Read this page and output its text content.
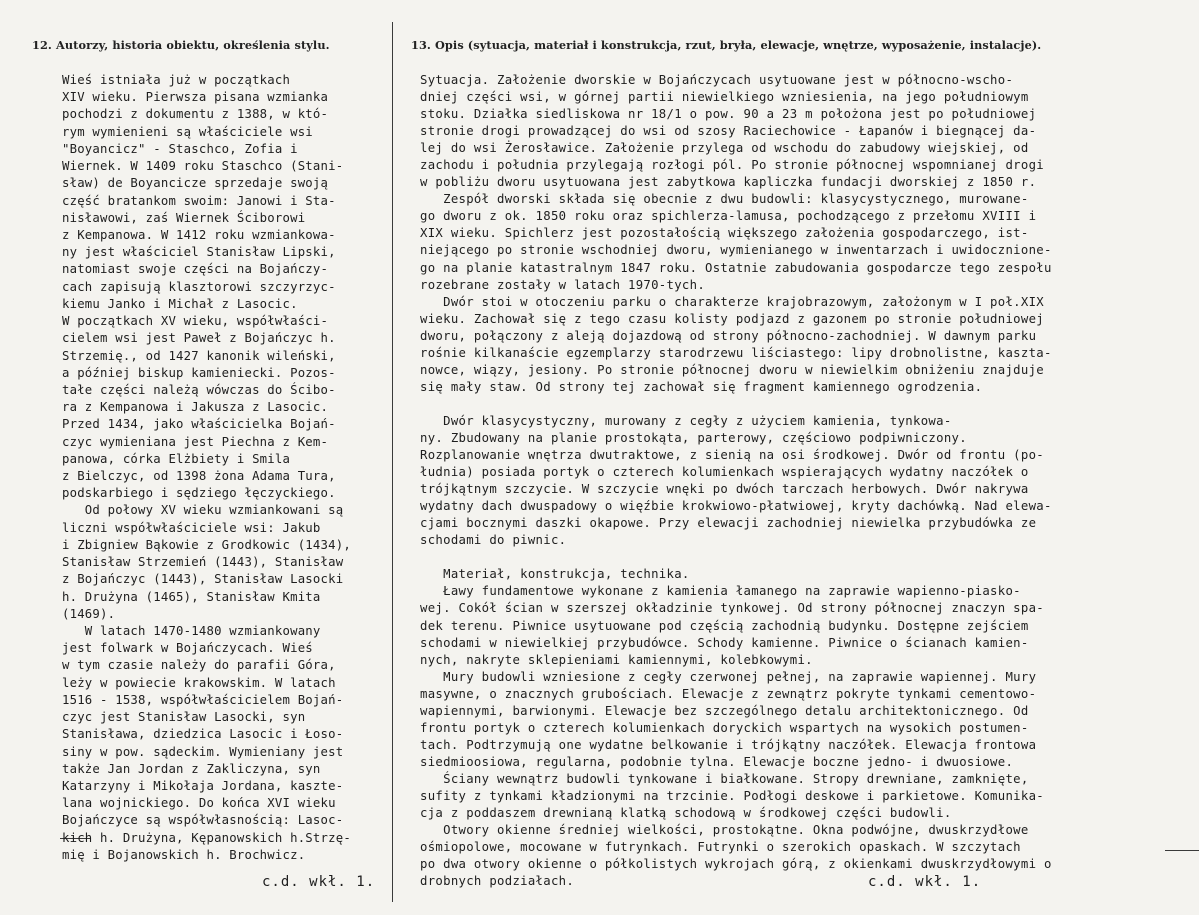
12. Autorzy, historia obiektu, określenia stylu.	13. Opis (sytuacja, materiał i konstrukcja, rzut, bryła, elewacje, wnętrze, wyposażenie, instalacje).
Wieś istniała już w początkach
XIV wieku. Pierwsza pisana wzmianka
pochodzi z dokumentu z 1388, w któ-
rym wymienieni są właściciele wsi
"Boyancicz" - Staschco, Zofia i
Wiernek. W 1409 roku Staschco (Stani-
sław) de Boyancicze sprzedaje swoją
część bratankom swoim: Janowi i Sta-
nisławowi, zaś Wiernek Ściborowi
z Kempanowa. W 1412 roku wzmiankowa-
ny jest właściciel Stanisław Lipski,
natomiast swoje części na Bojańczy-
cach zapisują klasztorowi szczyrzyc-
kiemu Janko i Michał z Lasocic.
W początkach XV wieku, współwłaści-
cielem wsi jest Paweł z Bojańczyc h.
Strzemię., od 1427 kanonik wileński,
a później biskup kamieniecki. Pozos-
tałe części należą wówczas do Ścibo-
ra z Kempanowa i Jakusza z Lasocic.
Przed 1434, jako właścicielka Bojań-
czyc wymieniana jest Piechna z Kem-
panowa, córka Elżbiety i Smila
z Bielczyc, od 1398 żona Adama Tura,
podskarbiego i sędziego łęczyckiego.
Od połowy XV wieku wzmiankowani są
liczni współwłaściciele wsi: Jakub
i Zbigniew Bąkowie z Grodkowic (1434),
Stanisław Strzemień (1443), Stanisław
z Bojańczyc (1443), Stanisław Lasocki
h. Drużyna (1465), Stanisław Kmita
(1469).
W latach 1470-1480 wzmiankowany
jest folwark w Bojańczycach. Wieś
w tym czasie należy do parafii Góra,
leży w powiecie krakowskim. W latach
1516 - 1538, współwłaścicielem Bojań-
czyc jest Stanisław Lasocki, syn
Stanisława, dziedzica Lasocic i Łoso-
siny w pow. sądeckim. Wymieniany jest
także Jan Jordan z Zakliczyna, syn
Katarzyny i Mikołaja Jordana, kaszte-
lana wojnickiego. Do końca XVI wieku
Bojańczyce są współwłasnością: Lasoc-
kich h. Drużyna, Kępanowskich h.Strzę-
mię i Bojanowskich h. Brochwicz.
Sytuacja. Założenie dworskie w Bojańczycach usytuowane jest w północno-wscho-
dniej części wsi, w górnej partii niewielkiego wzniesienia, na jego południowym
stoku. Działka siedliskowa nr 18/1 o pow. 90 a 23 m położona jest po południowej
stronie drogi prowadzącej do wsi od szosy Raciechowice - Łapanów i biegnącej da-
lej do wsi Żerosławice. Założenie przylega od wschodu do zabudowy wiejskiej, od
zachodu i południa przylegają rozłogi pól. Po stronie północnej wspomnianej drogi
w pobliżu dworu usytuowana jest zabytkowa kapliczka fundacji dworskiej z 1850 r.
Zespół dworski składa się obecnie z dwu budowli: klasycystycznego, murowane-
go dworu z ok. 1850 roku oraz spichlerza-lamusa, pochodzącego z przełomu XVIII i
XIX wieku. Spichlerz jest pozostałością większego założenia gospodarczego, ist-
niejącego po stronie wschodniej dworu, wymienianego w inwentarzach i uwidocznione-
go na planie katastralnym 1847 roku. Ostatnie zabudowania gospodarcze tego zespołu
rozebrane zostały w latach 1970-tych.
Dwór stoi w otoczeniu parku o charakterze krajobrazowym, założonym w I poł.XIX
wieku. Zachował się z tego czasu kolisty podjazd z gazonem po stronie południowej
dworu, połączony z aleją dojazdową od strony północno-zachodniej. W dawnym parku
rośnie kilkanaście egzemplarzy starodrzewu liściastego: lipy drobnolistne, kaszta-
nowce, wiązy, jesiony. Po stronie północnej dworu w niewielkim obniżeniu znajduje
się mały staw. Od strony tej zachował się fragment kamiennego ogrodzenia.

Dwór klasycystyczny, murowany z cegły z użyciem kamienia, tynkowa-
ny. Zbudowany na planie prostokąta, parterowy, częściowo podpiwniczony.
Rozplanowanie wnętrza dwutraktowe, z sienią na osi środkowej. Dwór od frontu (po-
łudnia) posiada portyk o czterech kolumienkach wspierających wydatny naczółek o
trójkątnym szczycie. W szczycie wnęki po dwóch tarczach herbowych. Dwór nakrywa
wydatny dach dwuspadowy o więźbie krokwiowo-płatwiowej, kryty dachówką. Nad elewa-
cjami bocznymi daszki okapowe. Przy elewacji zachodniej niewielka przybudówka ze
schodami do piwnic.

Materiał, konstrukcja, technika.
Ławy fundamentowe wykonane z kamienia łamanego na zaprawie wapienno-piasko-
wej. Cokół ścian w szerszej okładzinie tynkowej. Od strony północnej znaczyn spa-
dek terenu. Piwnice usytuowane pod częścią zachodnią budynku. Dostępne zejściem
schodami w niewielkiej przybudówce. Schody kamienne. Piwnice o ścianach kamien-
nych, nakryte sklepieniami kamiennymi, kolebkowymi.
Mury budowli wzniesione z cegły czerwonej pełnej, na zaprawie wapiennej. Mury
masywne, o znacznych grubościach. Elewacje z zewnątrz pokryte tynkami cementowo-
wapiennymi, barwionymi. Elewacje bez szczególnego detalu architektonicznego. Od
frontu portyk o czterech kolumienkach doryckich wspartych na wysokich postumen-
tach. Podtrzymują one wydatne belkowanie i trójkątny naczółek. Elewacja frontowa
siedmioosiowa, regularna, podobnie tylna. Elewacje boczne jedno- i dwuosiowe.
Ściany wewnątrz budowli tynkowane i białkowane. Stropy drewniane, zamknięte,
sufity z tynkami kładzionymi na trzcinie. Podłogi deskowe i parkietowe. Komunika-
cja z poddaszem drewnianą klatką schodową w środkowej części budowli.
Otwory okienne średniej wielkości, prostokątne. Okna podwójne, dwuskrzydłowe
ośmiopolowe, mocowane w futrynkach. Futrynki o szerokich opaskach. W szczytach
po dwa otwory okienne o półkolistych wykrojach górą, z okienkami dwuskrzydłowymi o
drobnych podziałach.
c.d. wkł. 1.	c.d. wkł. 1.
